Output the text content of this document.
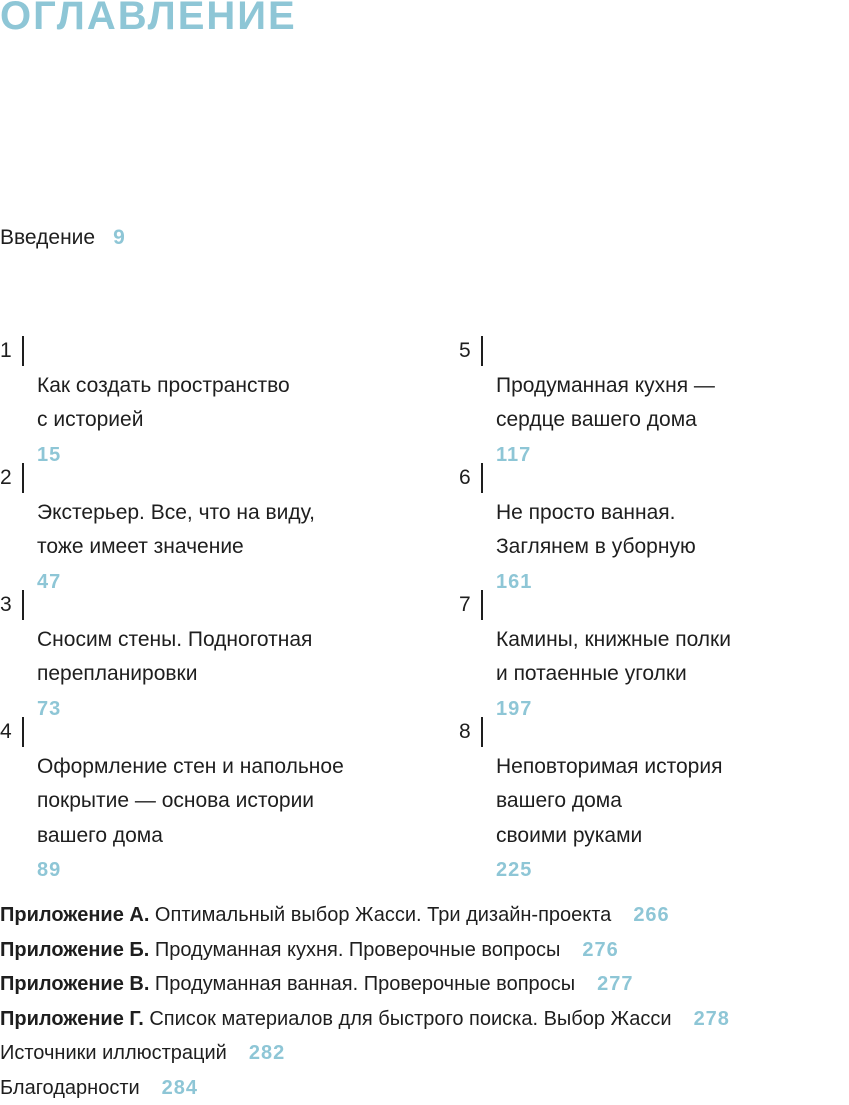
ОГЛАВЛЕНИЕ
Введение 9
1

Как создать пространство
с историей

15

2

Экстерьер. Все, что на виду,
тоже имеет значение

47

3

Сносим стены. Подноготная
перепланировки

73

4

Оформление стен и напольное
покрытие — основа истории
вашего дома

89

5

Продуманная кухня —
сердце вашего дома

117

6

Не просто ванная.
Заглянем в уборную

161

7

Камины, книжные полки
и потаенные уголки

197

8

Неповторимая история
вашего дома
своими руками

225

Приложение А. Оптимальный выбор Жасси. Три дизайн-проекта 266
Приложение Б. Продуманная кухня. Проверочные вопросы 276
Приложение В. Продуманная ванная. Проверочные вопросы 277
Приложение Г. Список материалов для быстрого поиска. Выбор Жасси 278
Источники иллюстраций 282
Благодарности 284
